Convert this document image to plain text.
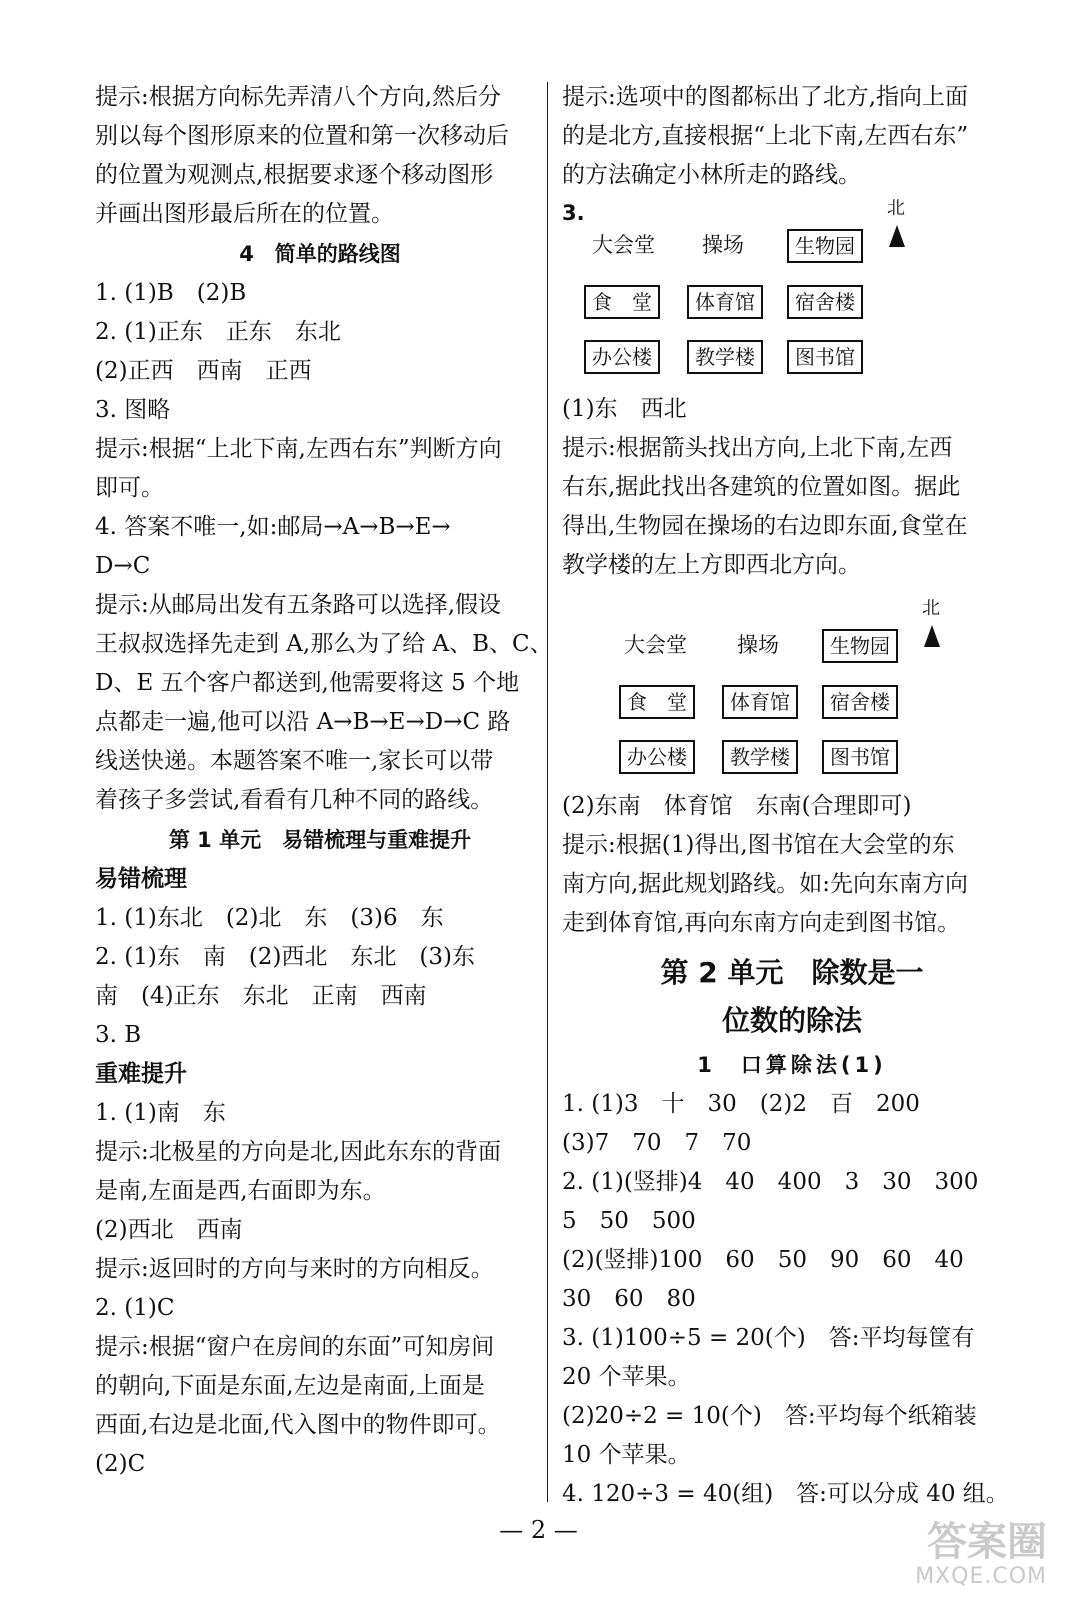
提示:根据方向标先弄清八个方向,然后分
别以每个图形原来的位置和第一次移动后
的位置为观测点,根据要求逐个移动图形
并画出图形最后所在的位置。
4　简单的路线图
1. (1)B　(2)B
2. (1)正东　正东　东北
(2)正西　西南　正西
3. 图略
提示:根据“上北下南,左西右东”判断方向
即可。
4. 答案不唯一,如:邮局→A→B→E→
D→C
提示:从邮局出发有五条路可以选择,假设
王叔叔选择先走到 A,那么为了给 A、B、C、
D、E 五个客户都送到,他需要将这 5 个地
点都走一遍,他可以沿 A→B→E→D→C 路
线送快递。本题答案不唯一,家长可以带
着孩子多尝试,看看有几种不同的路线。
第 1 单元　易错梳理与重难提升
易错梳理
1. (1)东北　(2)北　东　(3)6　东
2. (1)东　南　(2)西北　东北　(3)东
南　(4)正东　东北　正南　西南
3. B
重难提升
1. (1)南　东
提示:北极星的方向是北,因此东东的背面
是南,左面是西,右面即为东。
(2)西北　西南
提示:返回时的方向与来时的方向相反。
2. (1)C
提示:根据“窗户在房间的东面”可知房间
的朝向,下面是东面,左边是南面,上面是
西面,右边是北面,代入图中的物件即可。
(2)C
提示:选项中的图都标出了北方,指向上面
的是北方,直接根据“上北下南,左西右东”
的方法确定小林所走的路线。
3.	北
大会堂 操场	生物园
食　堂	体育馆	宿舍楼
办公楼	教学楼	图书馆
(1)东　西北
提示:根据箭头找出方向,上北下南,左西
右东,据此找出各建筑的位置如图。据此
得出,生物园在操场的右边即东面,食堂在
教学楼的左上方即西北方向。
北
大会堂 操场	生物园
食　堂	体育馆	宿舍楼
办公楼	教学楼	图书馆
(2)东南　体育馆　东南(合理即可)
提示:根据(1)得出,图书馆在大会堂的东
南方向,据此规划路线。如:先向东南方向
走到体育馆,再向东南方向走到图书馆。
第 2 单元　除数是一
位数的除法
1　口算除法(1)
1. (1)3　十　30　(2)2　百　200
(3)7　70　7　70
2. (1)(竖排)4　40　400　3　30　300
5　50　500
(2)(竖排)100　60　50　90　60　40
30　60　80
3. (1)100÷5 = 20(个)　答:平均每筐有
20 个苹果。
(2)20÷2 = 10(个)　答:平均每个纸箱装
10 个苹果。
4. 120÷3 = 40(组)　答:可以分成 40 组。
— 2 —	答案圈
MXQE.COM
